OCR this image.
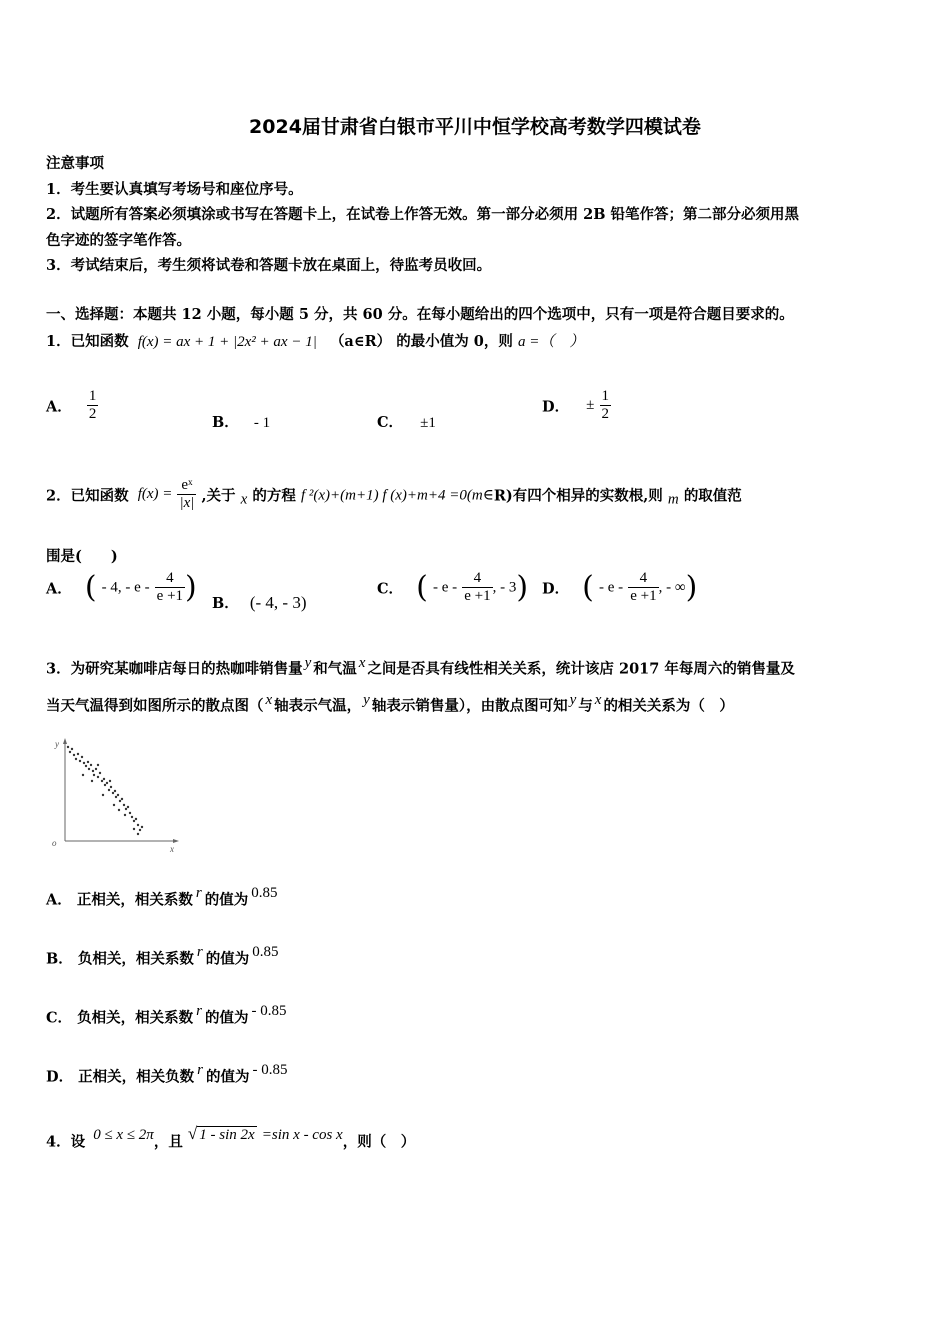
2024届甘肃省白银市平川中恒学校高考数学四模试卷
注意事项
1．考生要认真填写考场号和座位序号。
2．试题所有答案必须填涂或书写在答题卡上，在试卷上作答无效。第一部分必须用 2B 铅笔作答；第二部分必须用黑
色字迹的签字笔作答。
3．考试结束后，考生须将试卷和答题卡放在桌面上，待监考员收回。
一、选择题：本题共 12 小题，每小题 5 分，共 60 分。在每小题给出的四个选项中，只有一项是符合题目要求的。
1．已知函数 f(x) = ax + 1 + |2x² + ax − 1| （a∈R） 的最小值为 0，则 a =（　）
A． $\frac{1}{2}$	B． - 1	C． ±1
D． ± $\frac{1}{2}$
2．已知函数 $f(x) = \frac{\text{eˣ}}{|x|}$ ,关于 x 的方程 f ²(x)+(m+1) f (x)+m+4 =0(m∈R)有四个相异的实数根,则 m 的取值范
围是(　　)
A． ( - 4, - e - $\frac{4}{e +1}$ ) B． (- 4, - 3)
C． ( - e - $\frac{4}{e +1}$ , - 3) D． ( - e - $\frac{4}{e +1}$ , - ∞)
3．为研究某咖啡店每日的热咖啡销售量 y 和气温 x 之间是否具有线性相关关系，统计该店 2017 年每周六的销售量及
当天气温得到如图所示的散点图（ x 轴表示气温， y 轴表示销售量），由散点图可知 y 与 x 的相关关系为（　）
y
x
o
A． 正相关，相关系数 r 的值为 0.85
B． 负相关，相关系数 r 的值为 0.85
C． 负相关，相关系数 r 的值为 - 0.85
D． 正相关，相关负数 r 的值为 - 0.85
4．设 0 ≤ x ≤ 2π，且 √ 1 - sin 2x =sin x - cos x，则（　）
